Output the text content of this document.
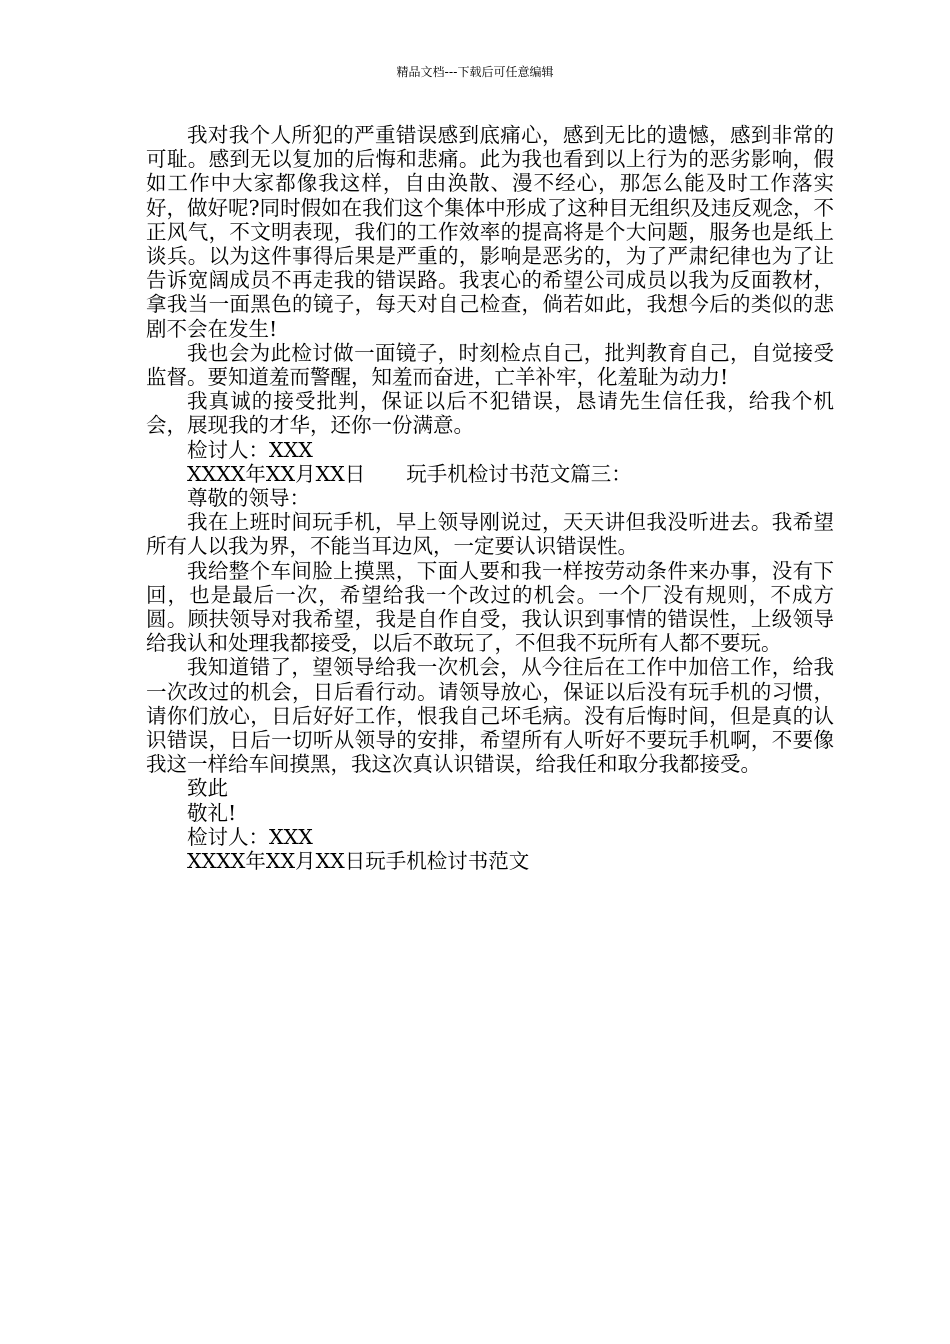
精品文档---下载后可任意编辑

我对我个人所犯的严重错误感到底痛心，感到无比的遗憾，感到非常的可耻。感到无以复加的后悔和悲痛。此为我也看到以上行为的恶劣影响，假如工作中大家都像我这样，自由涣散、漫不经心，那怎么能及时工作落实好，做好呢?同时假如在我们这个集体中形成了这种目无组织及违反观念，不正风气，不文明表现，我们的工作效率的提高将是个大问题，服务也是纸上谈兵。以为这件事得后果是严重的，影响是恶劣的，为了严肃纪律也为了让告诉宽阔成员不再走我的错误路。我衷心的希望公司成员以我为反面教材，拿我当一面黑色的镜子，每天对自己检查，倘若如此，我想今后的类似的悲剧不会在发生!

我也会为此检讨做一面镜子，时刻检点自己，批判教育自己，自觉接受监督。要知道羞而警醒，知羞而奋进，亡羊补牢，化羞耻为动力!

我真诚的接受批判，保证以后不犯错误，恳请先生信任我，给我个机会，展现我的才华，还你一份满意。

检讨人：XXX

XXXX年XX月XX日　　玩手机检讨书范文篇三：

尊敬的领导：

我在上班时间玩手机，早上领导刚说过，天天讲但我没听进去。我希望所有人以我为界，不能当耳边风，一定要认识错误性。

我给整个车间脸上摸黑，下面人要和我一样按劳动条件来办事，没有下回，也是最后一次，希望给我一个改过的机会。一个厂没有规则，不成方圆。顾扶领导对我希望，我是自作自受，我认识到事情的错误性，上级领导给我认和处理我都接受，以后不敢玩了，不但我不玩所有人都不要玩。

我知道错了，望领导给我一次机会，从今往后在工作中加倍工作，给我一次改过的机会，日后看行动。请领导放心，保证以后没有玩手机的习惯，请你们放心，日后好好工作，恨我自己坏毛病。没有后悔时间，但是真的认识错误，日后一切听从领导的安排，希望所有人听好不要玩手机啊，不要像我这一样给车间摸黑，我这次真认识错误，给我任和取分我都接受。

致此

敬礼!

检讨人：XXX

XXXX年XX月XX日玩手机检讨书范文
